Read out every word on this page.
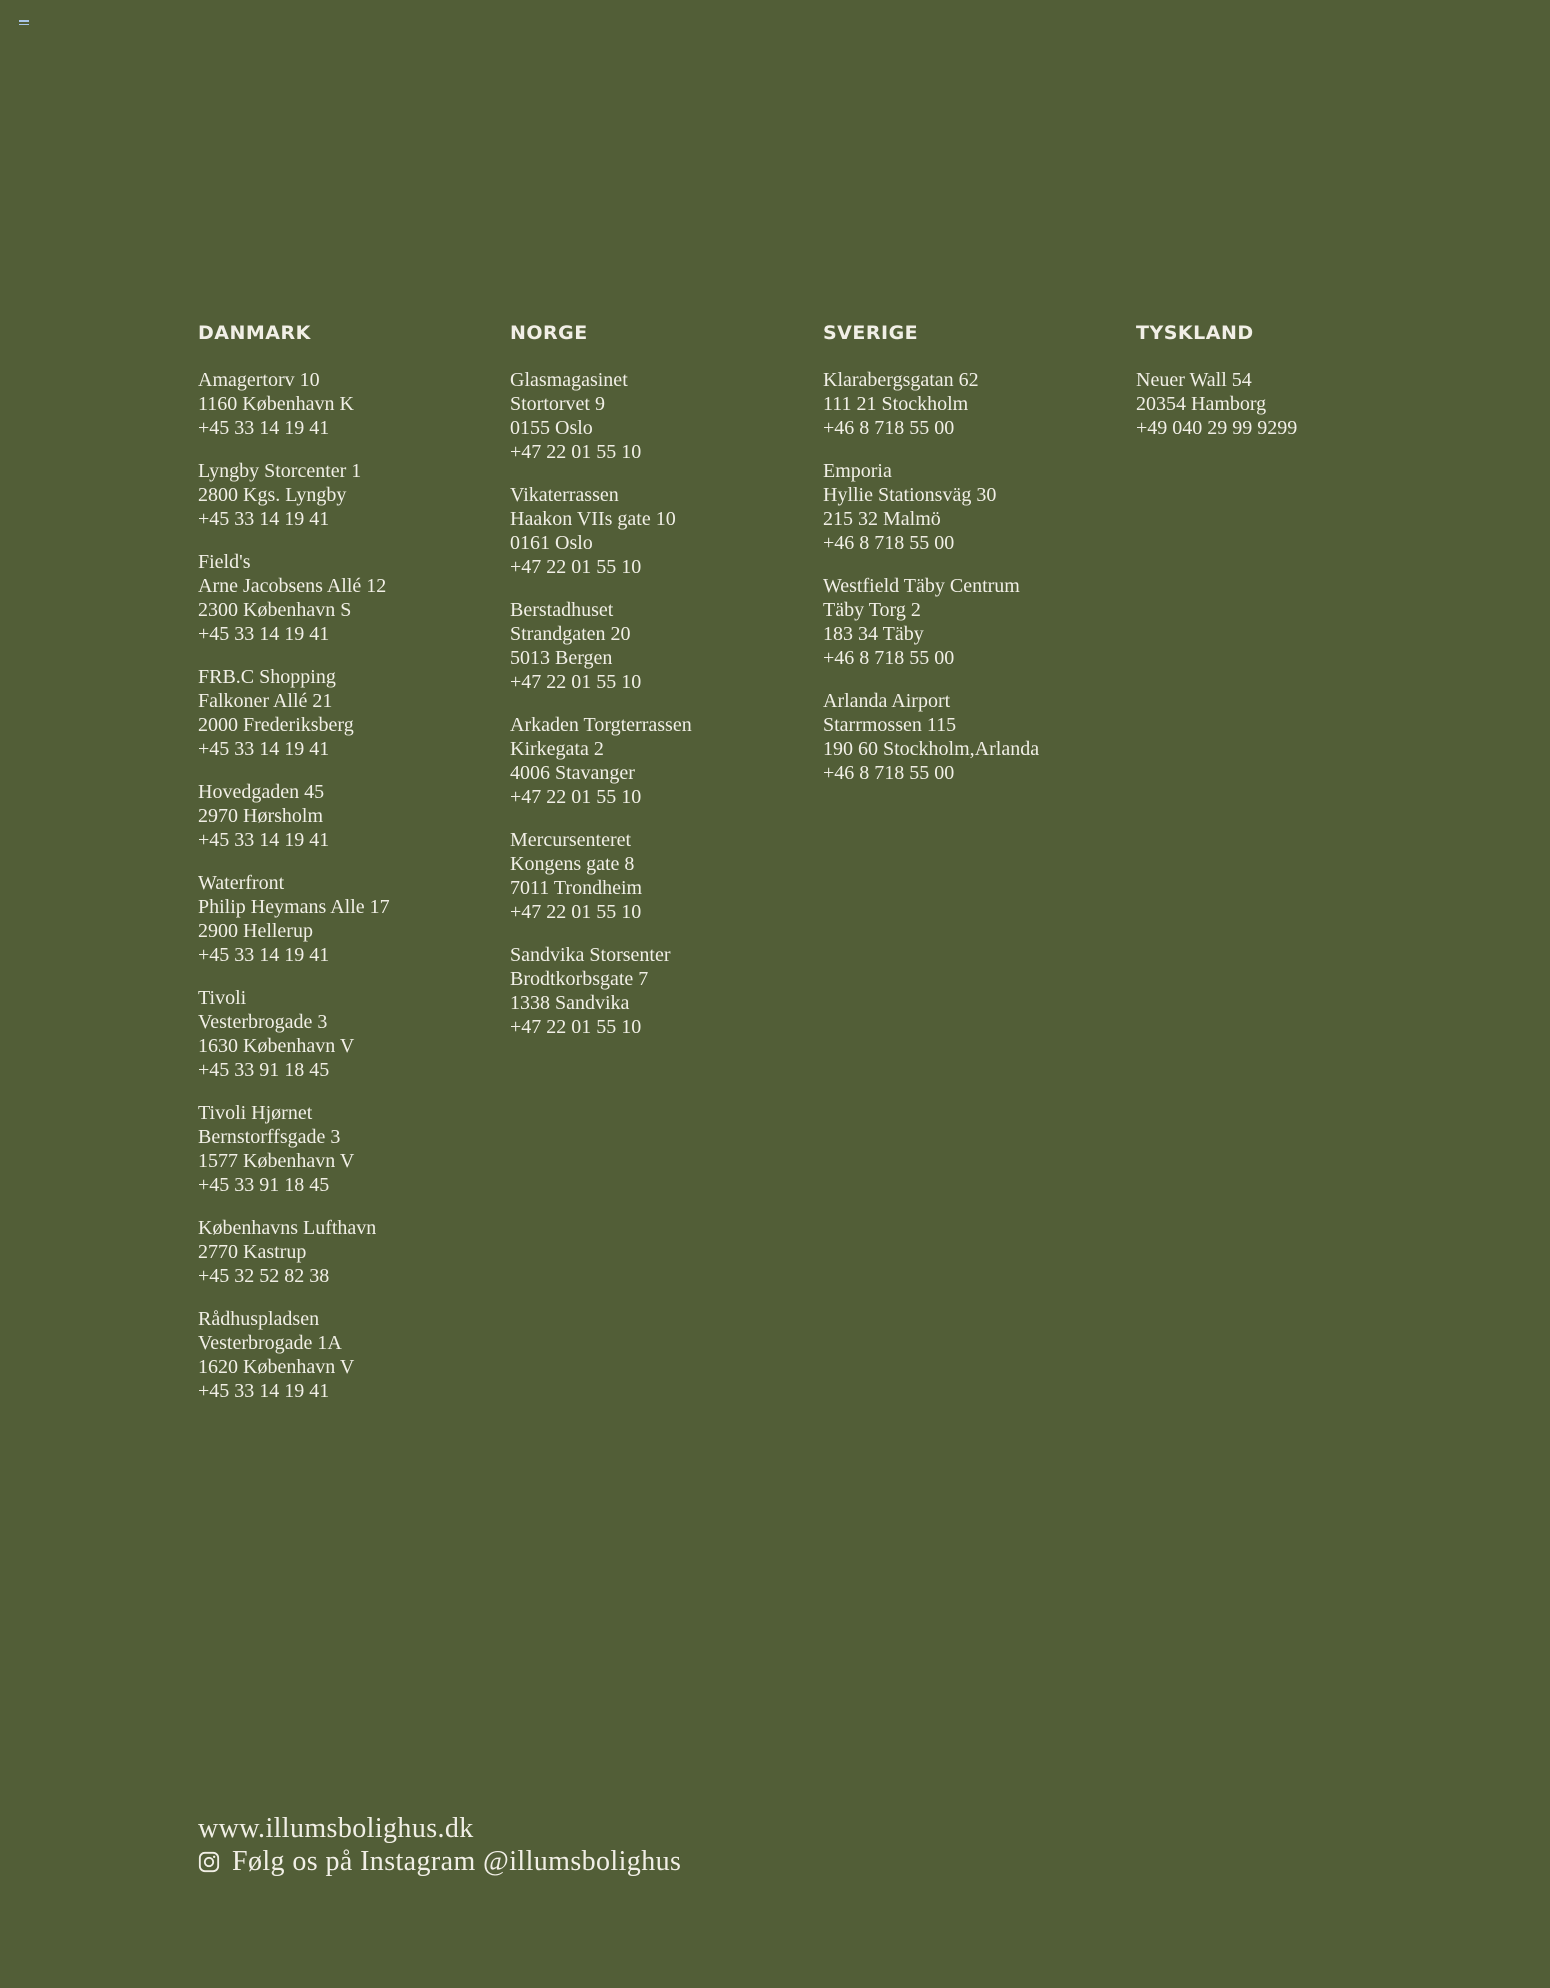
DANMARK
Amagertorv 10
1160 København K
+45 33 14 19 41
Lyngby Storcenter 1
2800 Kgs. Lyngby
+45 33 14 19 41
Field's
Arne Jacobsens Allé 12
2300 København S
+45 33 14 19 41
FRB.C Shopping
Falkoner Allé 21
2000 Frederiksberg
+45 33 14 19 41
Hovedgaden 45
2970 Hørsholm
+45 33 14 19 41
Waterfront
Philip Heymans Alle 17
2900 Hellerup
+45 33 14 19 41
Tivoli
Vesterbrogade 3
1630 København V
+45 33 91 18 45
Tivoli Hjørnet
Bernstorffsgade 3
1577 København V
+45 33 91 18 45
Københavns Lufthavn
2770 Kastrup
+45 32 52 82 38
Rådhuspladsen
Vesterbrogade 1A
1620 København V
+45 33 14 19 41
NORGE
Glasmagasinet
Stortorvet 9
0155 Oslo
+47 22 01 55 10
Vikaterrassen
Haakon VIIs gate 10
0161 Oslo
+47 22 01 55 10
Berstadhuset
Strandgaten 20
5013 Bergen
+47 22 01 55 10
Arkaden Torgterrassen
Kirkegata 2
4006 Stavanger
+47 22 01 55 10
Mercursenteret
Kongens gate 8
7011 Trondheim
+47 22 01 55 10
Sandvika Storsenter
Brodtkorbsgate 7
1338 Sandvika
+47 22 01 55 10
SVERIGE
Klarabergsgatan 62
111 21 Stockholm
+46 8 718 55 00
Emporia
Hyllie Stationsväg 30
215 32 Malmö
+46 8 718 55 00
Westfield Täby Centrum
Täby Torg 2
183 34 Täby
+46 8 718 55 00
Arlanda Airport
Starrmossen 115
190 60 Stockholm,Arlanda
+46 8 718 55 00
TYSKLAND
Neuer Wall 54
20354 Hamborg
+49 040 29 99 9299
www.illumsbolighus.dk
Følg os på Instagram @illumsbolighus
